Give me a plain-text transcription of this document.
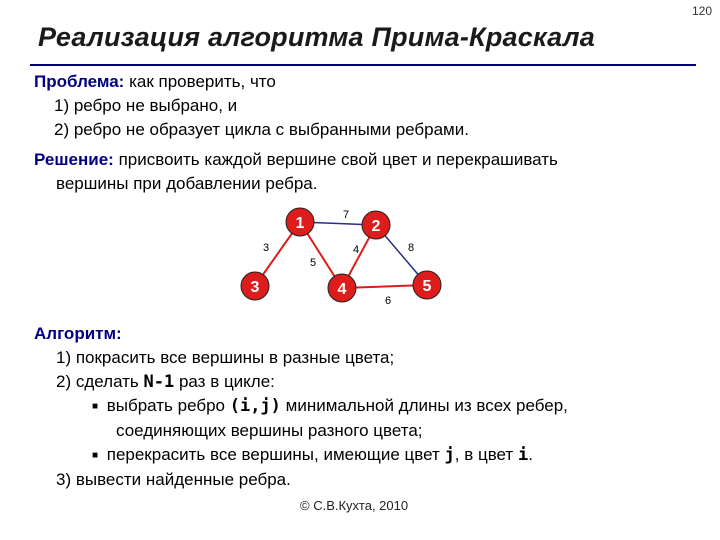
120
Реализация алгоритма Прима-Краскала
Проблема: как проверить, что
1) ребро не выбрано, и
2) ребро не образует цикла с выбранными ребрами.
Решение: присвоить каждой вершине свой цвет и перекрашивать
вершины при добавлении ребра.
7
3
5
4	8
6
1	2
3	4	5
Алгоритм:
1) покрасить все вершины в разные цвета;
2) сделать N-1 раз в цикле:
■ выбрать ребро (i,j) минимальной длины из всех ребер,
соединяющих вершины разного цвета;
■ перекрасить все вершины, имеющие цвет j, в цвет i.
3) вывести найденные ребра.
© С.В.Кухта, 2010
